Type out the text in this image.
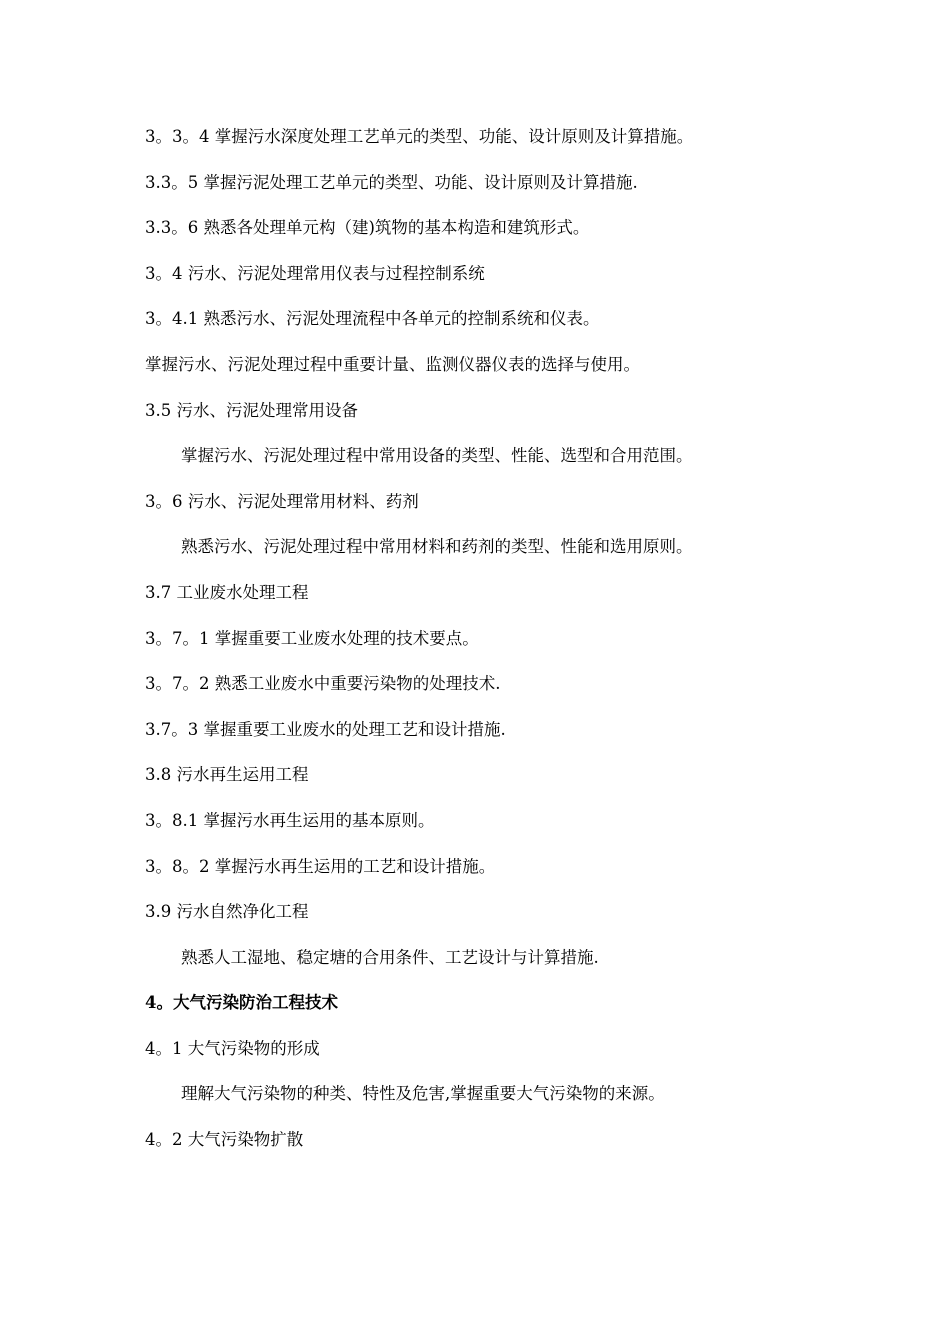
3。3。4 掌握污水深度处理工艺单元的类型、功能、设计原则及计算措施。

3.3。5 掌握污泥处理工艺单元的类型、功能、设计原则及计算措施.

3.3。6 熟悉各处理单元构（建)筑物的基本构造和建筑形式。

3。4 污水、污泥处理常用仪表与过程控制系统

3。4.1 熟悉污水、污泥处理流程中各单元的控制系统和仪表。

掌握污水、污泥处理过程中重要计量、监测仪器仪表的选择与使用。

3.5 污水、污泥处理常用设备

掌握污水、污泥处理过程中常用设备的类型、性能、选型和合用范围。

3。6 污水、污泥处理常用材料、药剂

熟悉污水、污泥处理过程中常用材料和药剂的类型、性能和选用原则。

3.7 工业废水处理工程

3。7。1 掌握重要工业废水处理的技术要点。

3。7。2 熟悉工业废水中重要污染物的处理技术.

3.7。3 掌握重要工业废水的处理工艺和设计措施.

3.8 污水再生运用工程

3。8.1 掌握污水再生运用的基本原则。

3。8。2 掌握污水再生运用的工艺和设计措施。

3.9 污水自然净化工程

熟悉人工湿地、稳定塘的合用条件、工艺设计与计算措施.

4。大气污染防治工程技术

4。1 大气污染物的形成

理解大气污染物的种类、特性及危害,掌握重要大气污染物的来源。

4。2 大气污染物扩散
